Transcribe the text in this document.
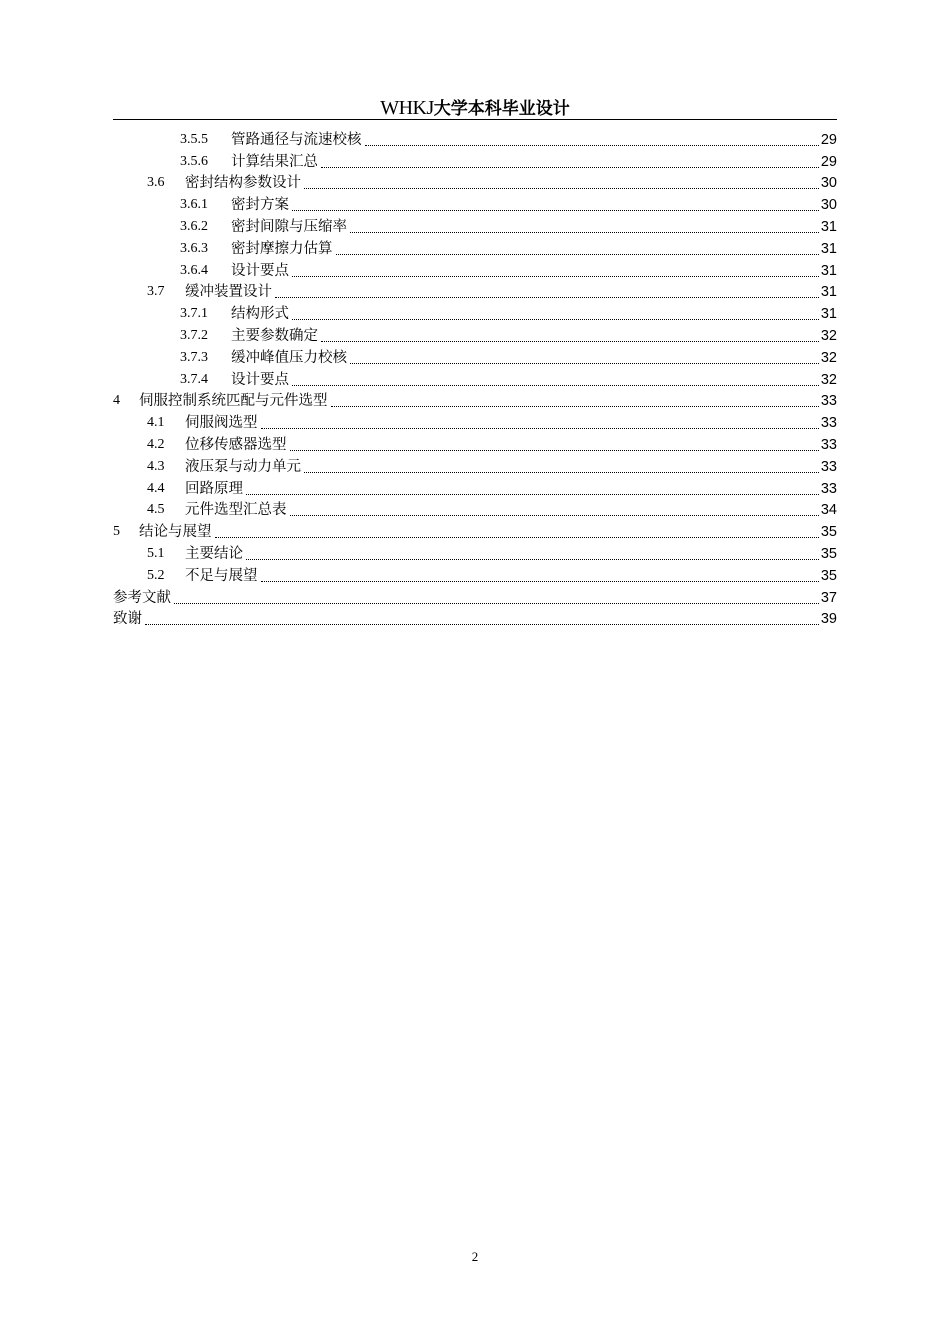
WHKJ大学本科毕业设计
3.5.5	管路通径与流速校核	29
3.5.6	计算结果汇总	29
3.6	密封结构参数设计	30
3.6.1	密封方案	30
3.6.2	密封间隙与压缩率	31
3.6.3	密封摩擦力估算	31
3.6.4	设计要点	31
3.7	缓冲装置设计	31
3.7.1	结构形式	31
3.7.2	主要参数确定	32
3.7.3	缓冲峰值压力校核	32
3.7.4	设计要点	32
4	伺服控制系统匹配与元件选型	33
4.1	伺服阀选型	33
4.2	位移传感器选型	33
4.3	液压泵与动力单元	33
4.4	回路原理	33
4.5	元件选型汇总表	34
5	结论与展望	35
5.1	主要结论	35
5.2	不足与展望	35
参考文献	37
致谢	39
2
